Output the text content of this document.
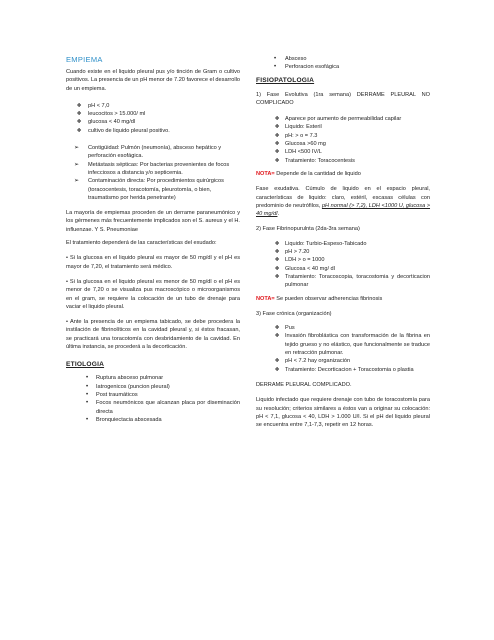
EMPIEMA

Cuando existe en el liquido pleural pus y/o tinción de Gram o cultivo positivos. La presencia de un pH menor de 7.20 favorece el desarrollo de un empiema.

❖ pH < 7,0
❖ leucocitos > 15.000/ ml
❖ glucosa < 40 mg/dl
❖ cultivo de liquido pleural positivo.
➢ Contigüidad: Pulmón (neumonía), absceso hepático y perforación esofágica.
➢ Metástasis sépticas: Por bacterias provenientes de focos infecciosos a distancia y/o septicemia.
➢ Contaminación directa: Por procedimientos quirúrgicos (toracocentesis, toracotomía, pleurotomía, o bien, traumatismo por herida penetrante)

La mayoría de empiemas proceden de un derrame paraneumónico y los gérmenes más frecuentemente implicados son el S. aureus y el H. influenzae. Y S. Pneumoniae

El tratamiento dependerá de las características del exudado:

• Si la glucosa en el liquido pleural es mayor de 50 mg/dl y el pH es mayor de 7,20, el tratamiento será médico.

• Si la glucosa en el liquido pleural es menor de 50 mg/dl o el pH es menor de 7,20 o se visualiza pus macroscópico o microorganismos en el gram, se requiere la colocación de un tubo de drenaje para vaciar el liquido pleural.

• Ante la presencia de un empiema tabicado, se debe procedera la instilación de fibrinolíticos en la cavidad pleural y, si éstos fracasan, se practicará una toracotomía con desbridamiento de la cavidad. En última instancia, se procederá a la decorticación.

ETIOLOGIA

• Ruptura absceso pulmonar
• Iatrogenicos (puncion pleural)
• Post traumáticos
• Focos neumónicos que alcanzan placa por diseminación directa
• Bronquiectacia abscesada
• Absceso
• Perforacion esofágica

FISIOPATOLOGIA

1) Fase Evolutiva (1ra semana) DERRAME PLEURAL NO COMPLICADO

❖ Aparece por aumento de permeabilidad capilar
❖ Liquido: Esteril
❖ pH: > o = 7.3
❖ Glucosa >60 mg
❖ LDH <500 IV/L
❖ Tratamiento: Toracocentesis

NOTA= Depende de la cantidad de liquido

Fase exudativa. Cúmulo de liquido en el espacio pleural, características de liquido: claro, estéril, escasas células con predominio de neutrófilos, pH normal (> 7,2), LDH <1000 U, glucosa > 40 mg/dl.

2) Fase Fibrinopurulnta (2da-3ra semana)

❖ Liquido: Turbio-Espeso-Tabicado
❖ pH > 7.20
❖ LDH > o = 1000
❖ Glucosa < 40 mg/ dl
❖ Tratamiento: Toracoscopia, toracostomia y decorticacion pulmonar

NOTA= Se pueden observar adherencias fibrinosis

3) Fase crónica (organización)

❖ Pus
❖ Invasión fibroblástica con transformación de la fibrina en tejido grueso y no elástico, que funcionalmente se traduce en retracción pulmonar.
❖ pH < 7.2 hay organización
❖ Tratamiento: Decorticacion + Toracostomia o plastia

DERRAME PLEURAL COMPLICADO.

Liquido infectado que requiere drenaje con tubo de toracostomía para su resolución; criterios similares a éstos van a originar su colocación: pH < 7,1, glucosa < 40, LDH > 1.000 U/l. Si el pH del liquido pleural se encuentra entre 7,1-7,3, repetir en 12 horas.
